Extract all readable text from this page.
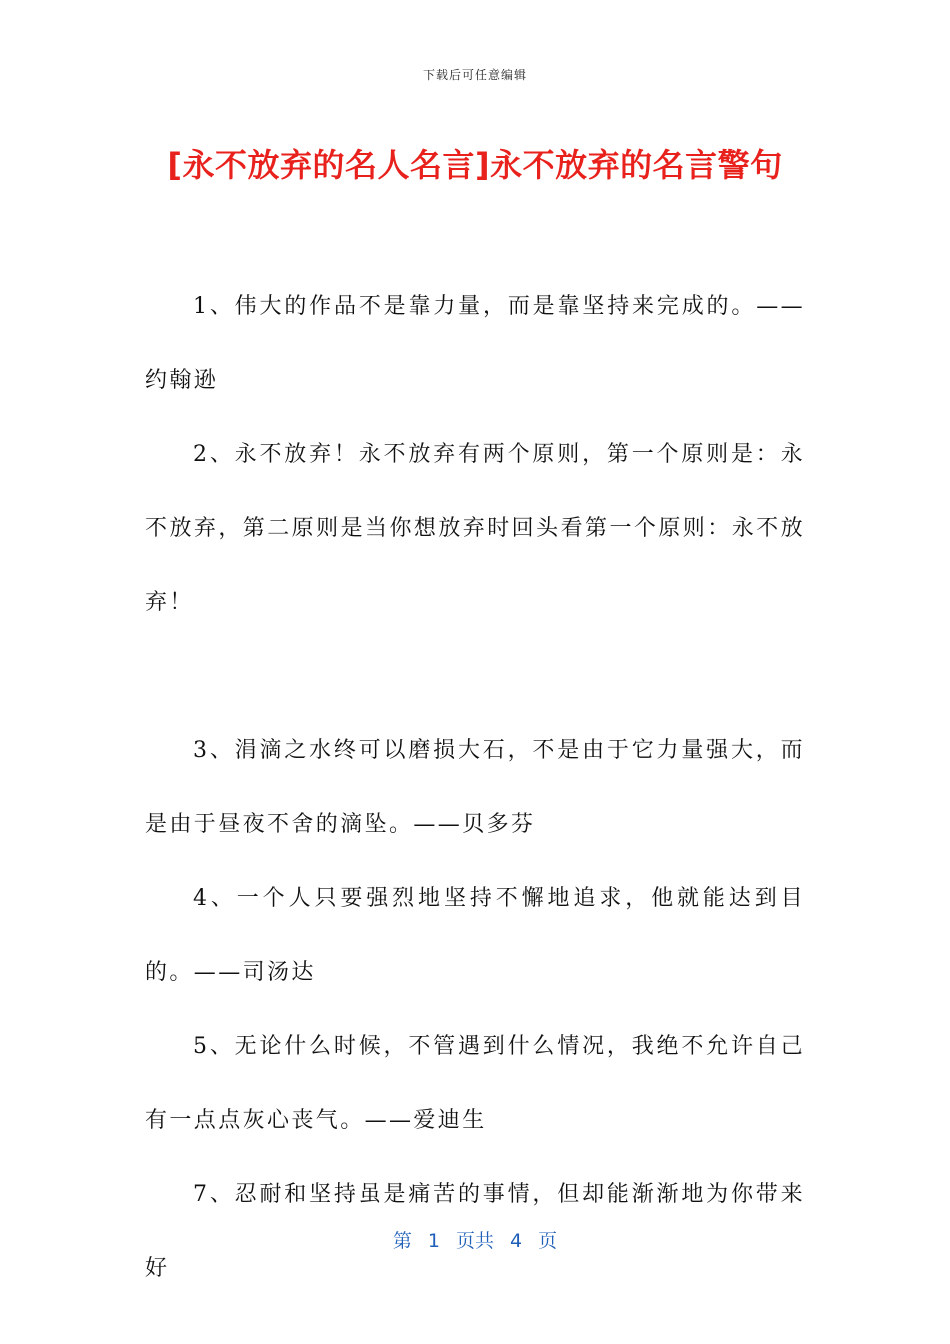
下载后可任意编辑
[永不放弃的名人名言]永不放弃的名言警句

1、伟大的作品不是靠力量，而是靠坚持来完成的。——约翰逊

2、永不放弃！永不放弃有两个原则，第一个原则是：永不放弃，第二原则是当你想放弃时回头看第一个原则：永不放弃！

3、涓滴之水终可以磨损大石，不是由于它力量强大，而是由于昼夜不舍的滴坠。——贝多芬

4、一个人只要强烈地坚持不懈地追求，他就能达到目的。——司汤达

5、无论什么时候，不管遇到什么情况，我绝不允许自己有一点点灰心丧气。——爱迪生

7、忍耐和坚持虽是痛苦的事情，但却能渐渐地为你带来好

第 1 页共 4 页
